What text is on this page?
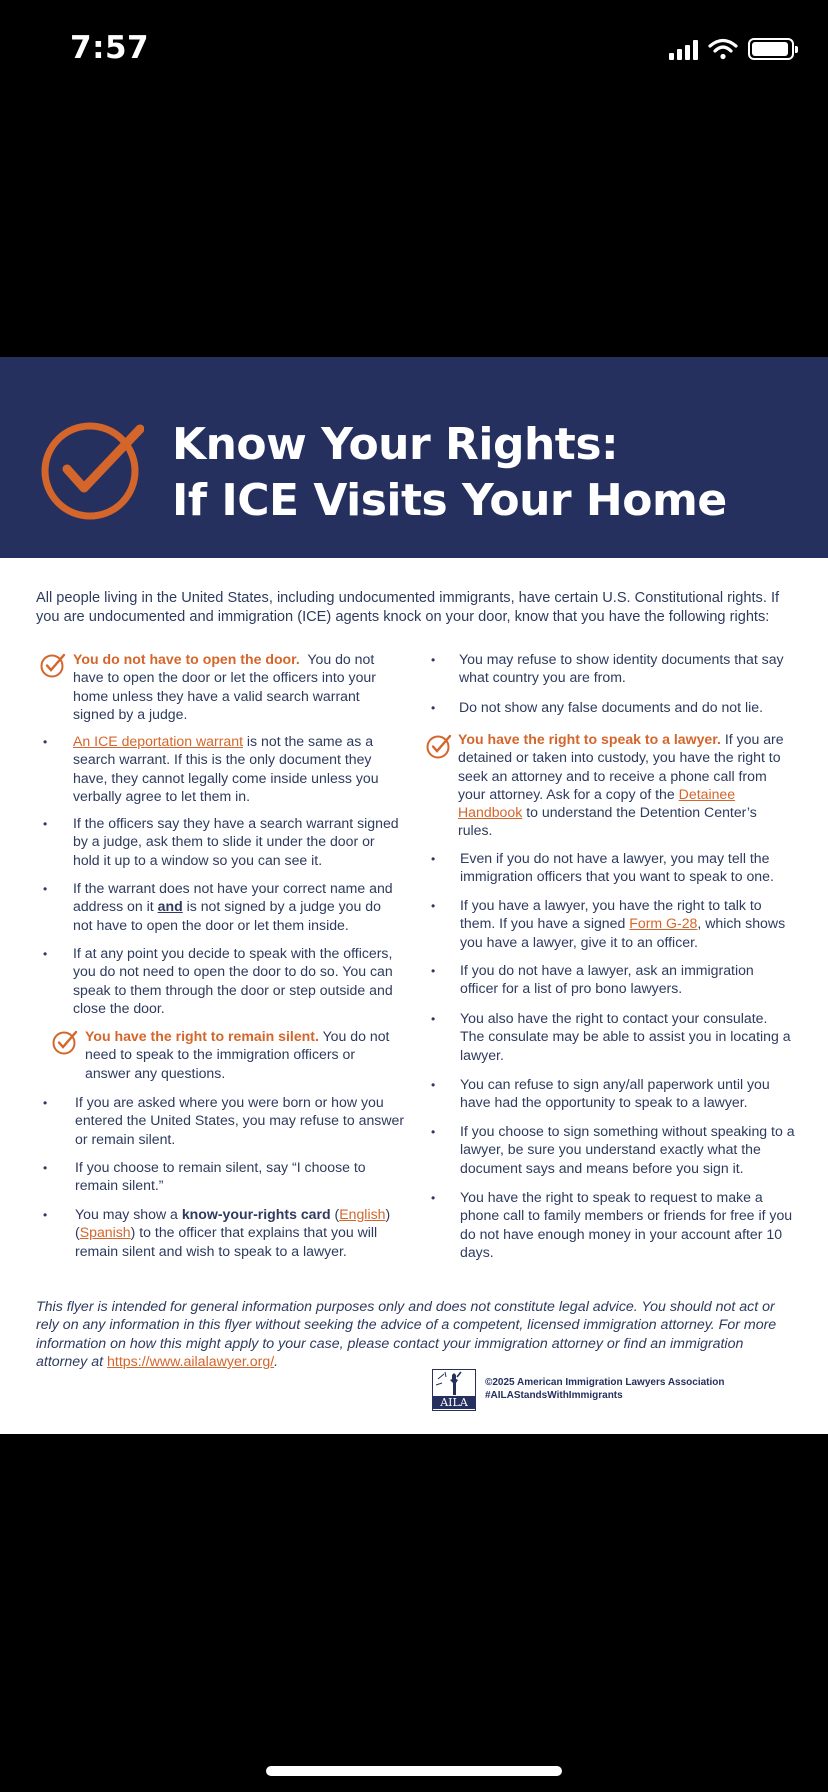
7:57
Know Your Rights:
If ICE Visits Your Home
All people living in the United States, including undocumented immigrants, have certain U.S. Constitutional rights. If you are undocumented and immigration (ICE) agents knock on your door, know that you have the following rights:
You do not have to open the door. You do not have to open the door or let the officers into your home unless they have a valid search warrant signed by a judge.
• An ICE deportation warrant is not the same as a search warrant. If this is the only document they have, they cannot legally come inside unless you verbally agree to let them in.
• If the officers say they have a search warrant signed by a judge, ask them to slide it under the door or hold it up to a window so you can see it.
• If the warrant does not have your correct name and address on it and is not signed by a judge you do not have to open the door or let them inside.
• If at any point you decide to speak with the officers, you do not need to open the door to do so. You can speak to them through the door or step outside and close the door.
You have the right to remain silent. You do not need to speak to the immigration officers or answer any questions.
• If you are asked where you were born or how you entered the United States, you may refuse to answer or remain silent.
• If you choose to remain silent, say “I choose to remain silent.”
• You may show a know-your-rights card (English) (Spanish) to the officer that explains that you will remain silent and wish to speak to a lawyer.
• You may refuse to show identity documents that say what country you are from.
• Do not show any false documents and do not lie.
You have the right to speak to a lawyer. If you are detained or taken into custody, you have the right to seek an attorney and to receive a phone call from your attorney. Ask for a copy of the Detainee Handbook to understand the Detention Center’s rules.
• Even if you do not have a lawyer, you may tell the immigration officers that you want to speak to one.
• If you have a lawyer, you have the right to talk to them. If you have a signed Form G-28, which shows you have a lawyer, give it to an officer.
• If you do not have a lawyer, ask an immigration officer for a list of pro bono lawyers.
• You also have the right to contact your consulate. The consulate may be able to assist you in locating a lawyer.
• You can refuse to sign any/all paperwork until you have had the opportunity to speak to a lawyer.
• If you choose to sign something without speaking to a lawyer, be sure you understand exactly what the document says and means before you sign it.
• You have the right to speak to request to make a phone call to family members or friends for free if you do not have enough money in your account after 10 days.
This flyer is intended for general information purposes only and does not constitute legal advice. You should not act or rely on any information in this flyer without seeking the advice of a competent, licensed immigration attorney. For more information on how this might apply to your case, please contact your immigration attorney or find an immigration attorney at https://www.ailalawyer.org/.
AILA
©2025 American Immigration Lawyers Association
#AILAStandsWithImmigrants
